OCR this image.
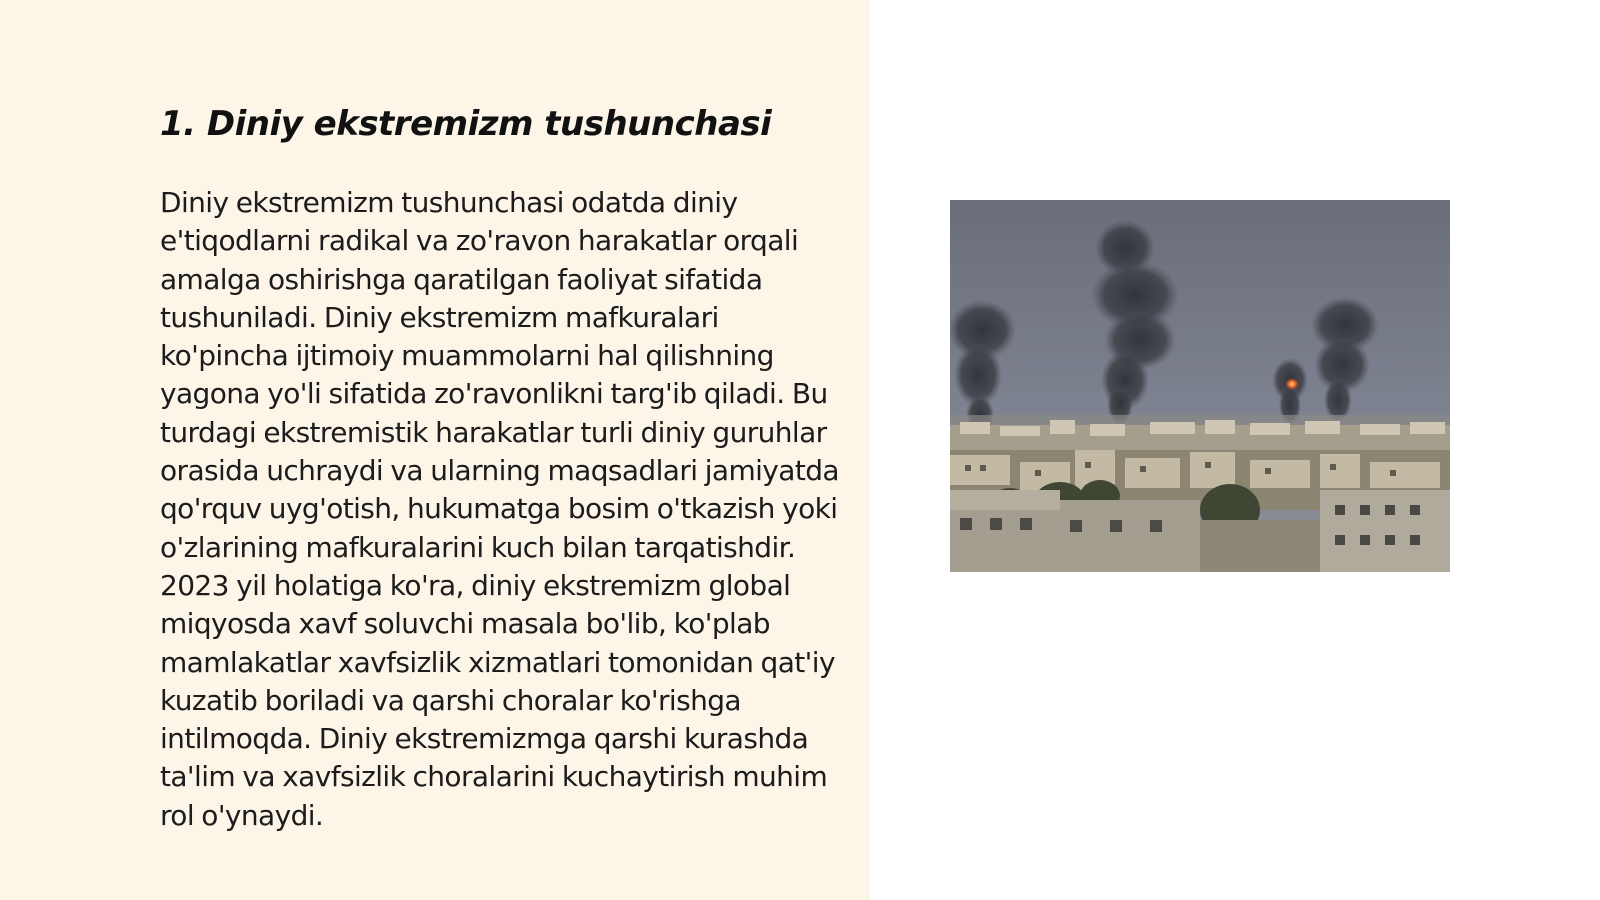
1. Diniy ekstremizm tushunchasi

Diniy ekstremizm tushunchasi odatda diniy e'tiqodlarni radikal va zo'ravon harakatlar orqali amalga oshirishga qaratilgan faoliyat sifatida tushuniladi. Diniy ekstremizm mafkuralari ko'pincha ijtimoiy muammolarni hal qilishning yagona yo'li sifatida zo'ravonlikni targ'ib qiladi. Bu turdagi ekstremistik harakatlar turli diniy guruhlar orasida uchraydi va ularning maqsadlari jamiyatda qo'rquv uyg'otish, hukumatga bosim o'tkazish yoki o'zlarining mafkuralarini kuch bilan tarqatishdir. 2023 yil holatiga ko'ra, diniy ekstremizm global miqyosda xavf soluvchi masala bo'lib, ko'plab mamlakatlar xavfsizlik xizmatlari tomonidan qat'iy kuzatib boriladi va qarshi choralar ko'rishga intilmoqda. Diniy ekstremizmga qarshi kurashda ta'lim va xavfsizlik choralarini kuchaytirish muhim rol o'ynaydi.
